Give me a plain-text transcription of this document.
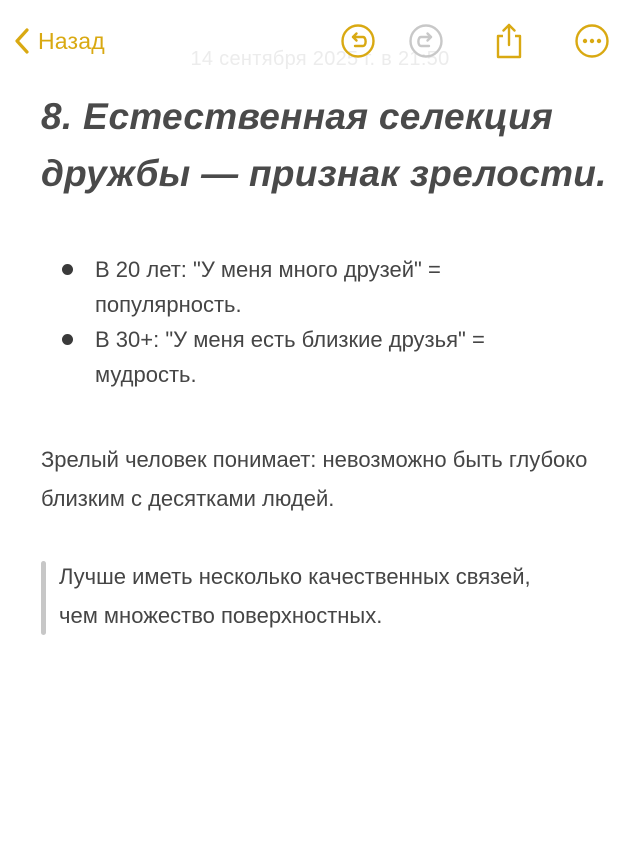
14 сентября 2025 г. в 21:50
Назад
8. Естественная селекция дружбы — признак зрелости.
В 20 лет: "У меня много друзей" = популярность.
В 30+: "У меня есть близкие друзья" = мудрость.

Зрелый человек понимает: невозможно быть глубоко близким с десятками людей.

Лучше иметь несколько качественных связей, чем множество поверхностных.
